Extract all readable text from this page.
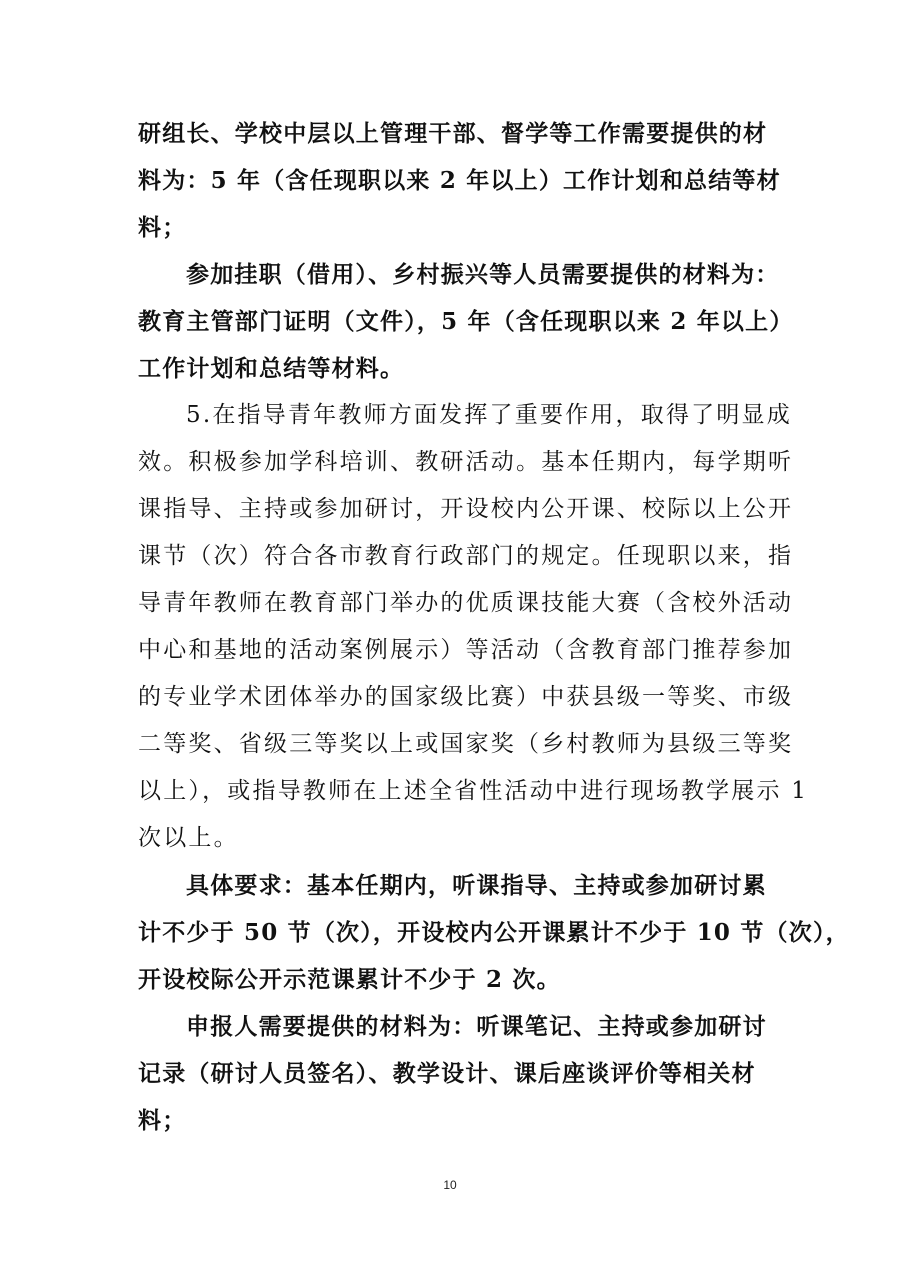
研组长、学校中层以上管理干部、督学等工作需要提供的材
料为：5 年（含任现职以来 2 年以上）工作计划和总结等材
料；
参加挂职（借用）、乡村振兴等人员需要提供的材料为：
教育主管部门证明（文件），5 年（含任现职以来 2 年以上）
工作计划和总结等材料。
5.在指导青年教师方面发挥了重要作用，取得了明显成
效。积极参加学科培训、教研活动。基本任期内，每学期听
课指导、主持或参加研讨，开设校内公开课、校际以上公开
课节（次）符合各市教育行政部门的规定。任现职以来，指
导青年教师在教育部门举办的优质课技能大赛（含校外活动
中心和基地的活动案例展示）等活动（含教育部门推荐参加
的专业学术团体举办的国家级比赛）中获县级一等奖、市级
二等奖、省级三等奖以上或国家奖（乡村教师为县级三等奖
以上），或指导教师在上述全省性活动中进行现场教学展示 1
次以上。
具体要求：基本任期内，听课指导、主持或参加研讨累
计不少于 50 节（次），开设校内公开课累计不少于 10 节（次），
开设校际公开示范课累计不少于 2 次。
申报人需要提供的材料为：听课笔记、主持或参加研讨
记录（研讨人员签名）、教学设计、课后座谈评价等相关材
料；
10
